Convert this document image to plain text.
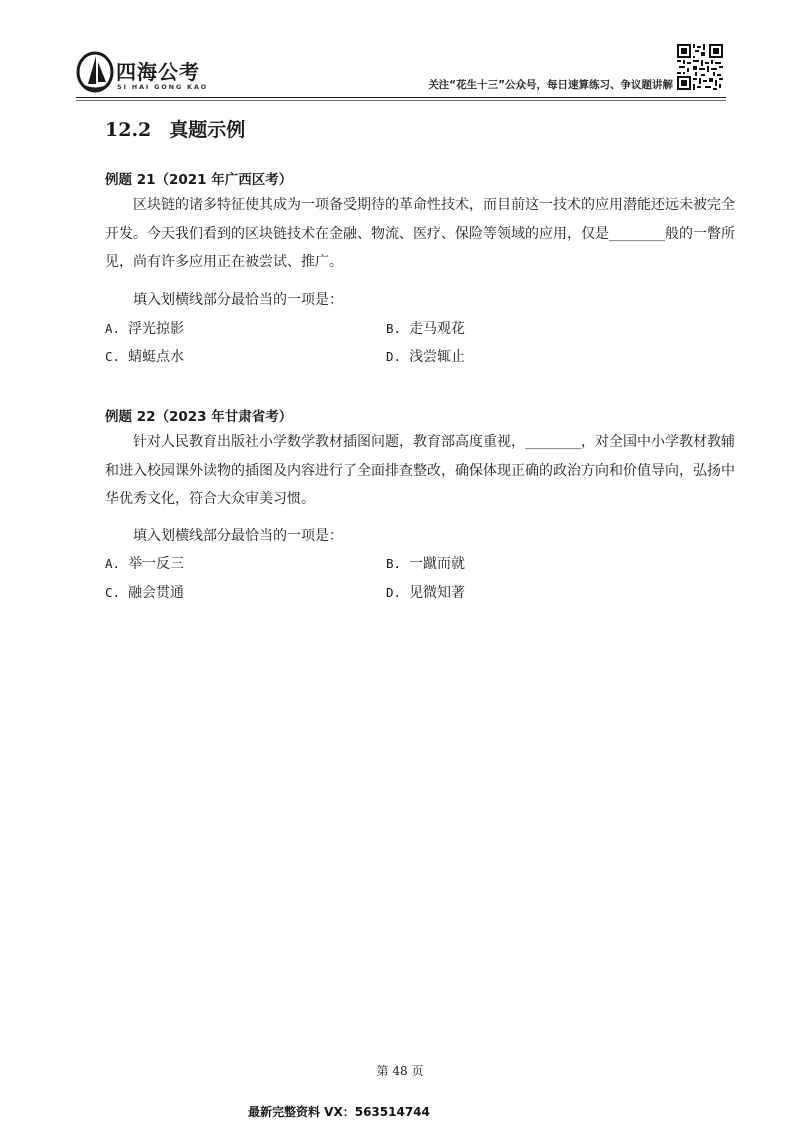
四海公考
SI HAI GONG KAO	关注“花生十三”公众号，每日速算练习、争议题讲解
12.2 真题示例
例题 21（2021 年广西区考）
区块链的诸多特征使其成为一项备受期待的革命性技术，而目前这一技术的应用潜能还远未被完全开发。今天我们看到的区块链技术在金融、物流、医疗、保险等领域的应用，仅是________般的一瞥所见，尚有许多应用正在被尝试、推广。
填入划横线部分最恰当的一项是：
A. 浮光掠影	B. 走马观花
C. 蜻蜓点水	D. 浅尝辄止
例题 22（2023 年甘肃省考）
针对人民教育出版社小学数学教材插图问题，教育部高度重视，________，对全国中小学教材教辅和进入校园课外读物的插图及内容进行了全面排查整改，确保体现正确的政治方向和价值导向，弘扬中华优秀文化，符合大众审美习惯。
填入划横线部分最恰当的一项是：
A. 举一反三	B. 一蹴而就
C. 融会贯通	D. 见微知著
第 48 页
最新完整资料 VX：563514744
